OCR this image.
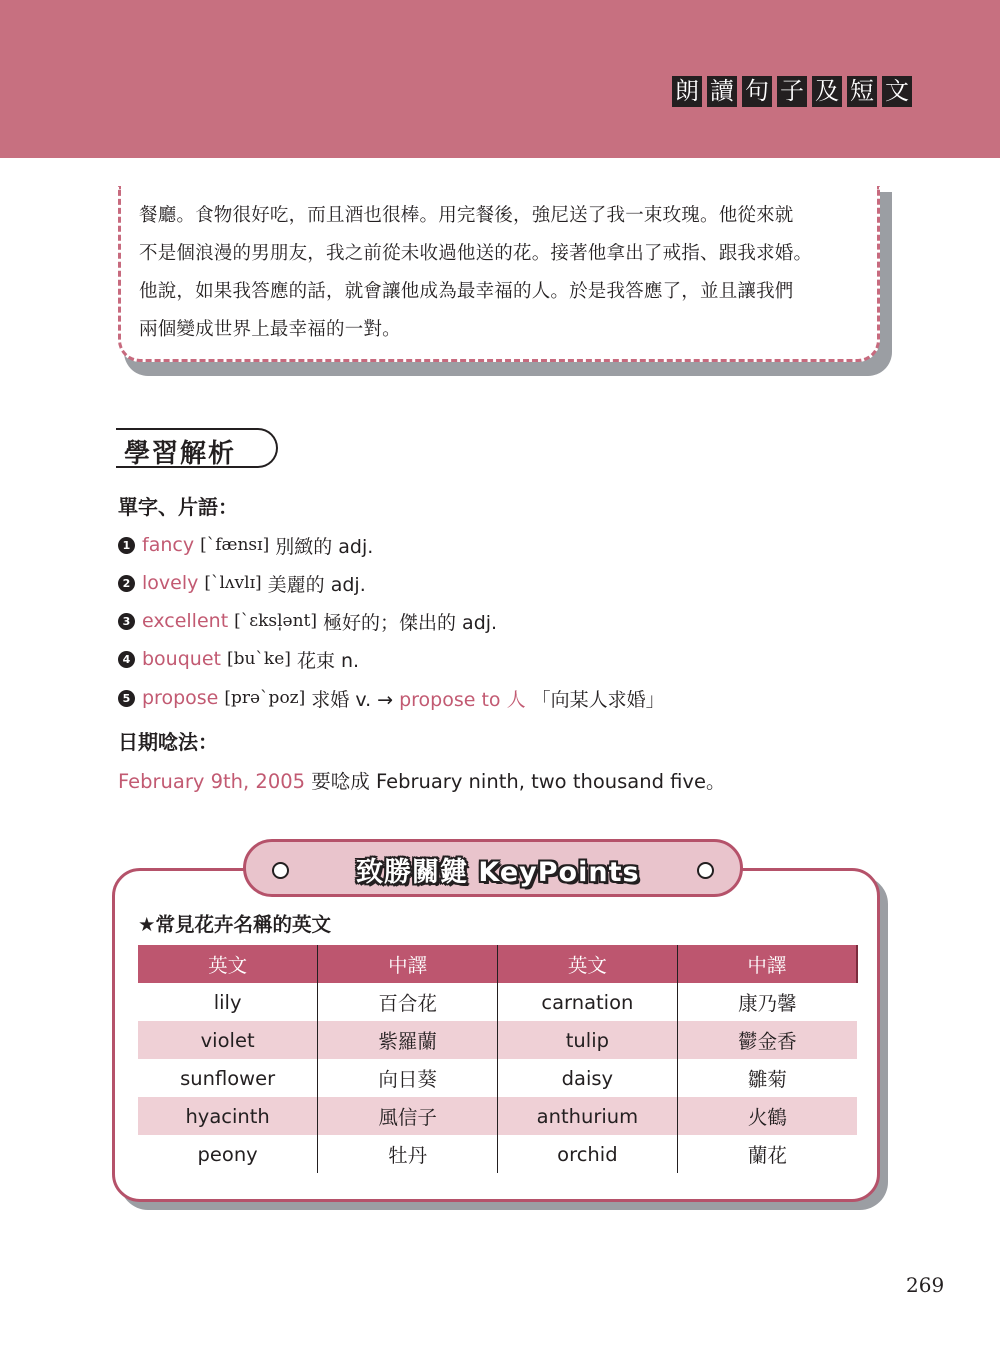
朗 讀 句 子 及 短 文

餐廳。食物很好吃，而且酒也很棒。用完餐後，強尼送了我一束玫瑰。他從來就

不是個浪漫的男朋友，我之前從未收過他送的花。接著他拿出了戒指、跟我求婚。

他說，如果我答應的話，就會讓他成為最幸福的人。於是我答應了，並且讓我們

兩個變成世界上最幸福的一對。

學習解析
單字、片語：
1 fancy [`fænsɪ] 別緻的 adj.
2 lovely [`lʌvlɪ] 美麗的 adj.
3 excellent [`ɛksl̩ənt] 極好的；傑出的 adj.
4 bouquet [bu`ke] 花束 n.
5 propose [prə`poz] 求婚 v. → propose to 人 「向某人求婚」
日期唸法：
February 9th, 2005 要唸成 February ninth, two thousand five。
致勝關鍵 KeyPoints
★常見花卉名稱的英文
英文	中譯	英文	中譯
lily	百合花	carnation	康乃馨
violet	紫羅蘭	tulip	鬱金香
sunflower	向日葵	daisy	雛菊
hyacinth	風信子	anthurium	火鶴
peony	牡丹	orchid	蘭花
269
